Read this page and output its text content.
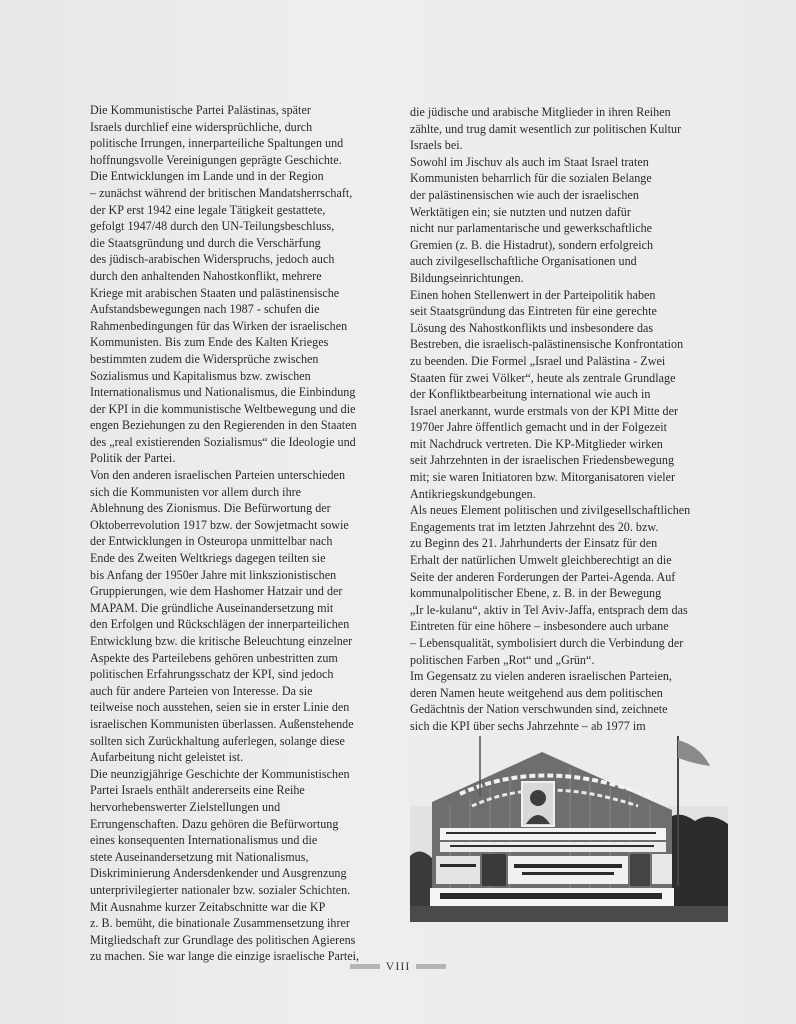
Die Kommunistische Partei Palästinas, später
Israels durchlief eine widersprüchliche, durch
politische Irrungen, innerparteiliche Spaltungen und
hoffnungsvolle Vereinigungen geprägte Geschichte.
Die Entwicklungen im Lande und in der Region
– zunächst während der britischen Mandatsherrschaft,
der KP erst 1942 eine legale Tätigkeit gestattete,
gefolgt 1947/48 durch den UN-Teilungsbeschluss,
die Staatsgründung und durch die Verschärfung
des jüdisch-arabischen Widerspruchs, jedoch auch
durch den anhaltenden Nahostkonflikt, mehrere
Kriege mit arabischen Staaten und palästinensische
Aufstandsbewegungen nach 1987 - schufen die
Rahmenbedingungen für das Wirken der israelischen
Kommunisten. Bis zum Ende des Kalten Krieges
bestimmten zudem die Widersprüche zwischen
Sozialismus und Kapitalismus bzw. zwischen
Internationalismus und Nationalismus, die Einbindung
der KPI in die kommunistische Weltbewegung und die
engen Beziehungen zu den Regierenden in den Staaten
des „real existierenden Sozialismus“ die Ideologie und
Politik der Partei.
Von den anderen israelischen Parteien unterschieden
sich die Kommunisten vor allem durch ihre
Ablehnung des Zionismus. Die Befürwortung der
Oktoberrevolution 1917 bzw. der Sowjetmacht sowie
der Entwicklungen in Osteuropa unmittelbar nach
Ende des Zweiten Weltkriegs dagegen teilten sie
bis Anfang der 1950er Jahre mit linkszionistischen
Gruppierungen, wie dem Hashomer Hatzair und der
MAPAM. Die gründliche Auseinandersetzung mit
den Erfolgen und Rückschlägen der innerparteilichen
Entwicklung bzw. die kritische Beleuchtung einzelner
Aspekte des Parteilebens gehören unbestritten zum
politischen Erfahrungsschatz der KPI, sind jedoch
auch für andere Parteien von Interesse. Da sie
teilweise noch ausstehen, seien sie in erster Linie den
israelischen Kommunisten überlassen. Außenstehende
sollten sich Zurückhaltung auferlegen, solange diese
Aufarbeitung nicht geleistet ist.
Die neunzigjährige Geschichte der Kommunistischen
Partei Israels enthält andererseits eine Reihe
hervorhebenswerter Zielstellungen und
Errungenschaften. Dazu gehören die Befürwortung
eines konsequenten Internationalismus und die
stete Auseinandersetzung mit Nationalismus,
Diskriminierung Andersdenkender und Ausgrenzung
unterprivilegierter nationaler bzw. sozialer Schichten.
Mit Ausnahme kurzer Zeitabschnitte war die KP
z. B. bemüht, die binationale Zusammensetzung ihrer
Mitgliedschaft zur Grundlage des politischen Agierens
zu machen. Sie war lange die einzige israelische Partei,
die jüdische und arabische Mitglieder in ihren Reihen
zählte, und trug damit wesentlich zur politischen Kultur
Israels bei.
Sowohl im Jischuv als auch im Staat Israel traten
Kommunisten beharrlich für die sozialen Belange
der palästinensischen wie auch der israelischen
Werktätigen ein; sie nutzten und nutzen dafür
nicht nur parlamentarische und gewerkschaftliche
Gremien (z. B. die Histadrut), sondern erfolgreich
auch zivilgesellschaftliche Organisationen und
Bildungseinrichtungen.
Einen hohen Stellenwert in der Parteipolitik haben
seit Staatsgründung das Eintreten für eine gerechte
Lösung des Nahostkonflikts und insbesondere das
Bestreben, die israelisch-palästinensische Konfrontation
zu beenden. Die Formel „Israel und Palästina - Zwei
Staaten für zwei Völker“, heute als zentrale Grundlage
der Konfliktbearbeitung international wie auch in
Israel anerkannt, wurde erstmals von der KPI Mitte der
1970er Jahre öffentlich gemacht und in der Folgezeit
mit Nachdruck vertreten. Die KP-Mitglieder wirken
seit Jahrzehnten in der israelischen Friedensbewegung
mit; sie waren Initiatoren bzw. Mitorganisatoren vieler
Antikriegskundgebungen.
Als neues Element politischen und zivilgesellschaftlichen
Engagements trat im letzten Jahrzehnt des 20. bzw.
zu Beginn des 21. Jahrhunderts der Einsatz für den
Erhalt der natürlichen Umwelt gleichberechtigt an die
Seite der anderen Forderungen der Partei-Agenda. Auf
kommunalpolitischer Ebene, z. B. in der Bewegung
„Ir le-kulanu“, aktiv in Tel Aviv-Jaffa, entsprach dem das
Eintreten für eine höhere – insbesondere auch urbane
– Lebensqualität, symbolisiert durch die Verbindung der
politischen Farben „Rot“ und „Grün“.
Im Gegensatz zu vielen anderen israelischen Parteien,
deren Namen heute weitgehend aus dem politischen
Gedächtnis der Nation verschwunden sind, zeichnete
sich die KPI über sechs Jahrzehnte – ab 1977 im
VIII
